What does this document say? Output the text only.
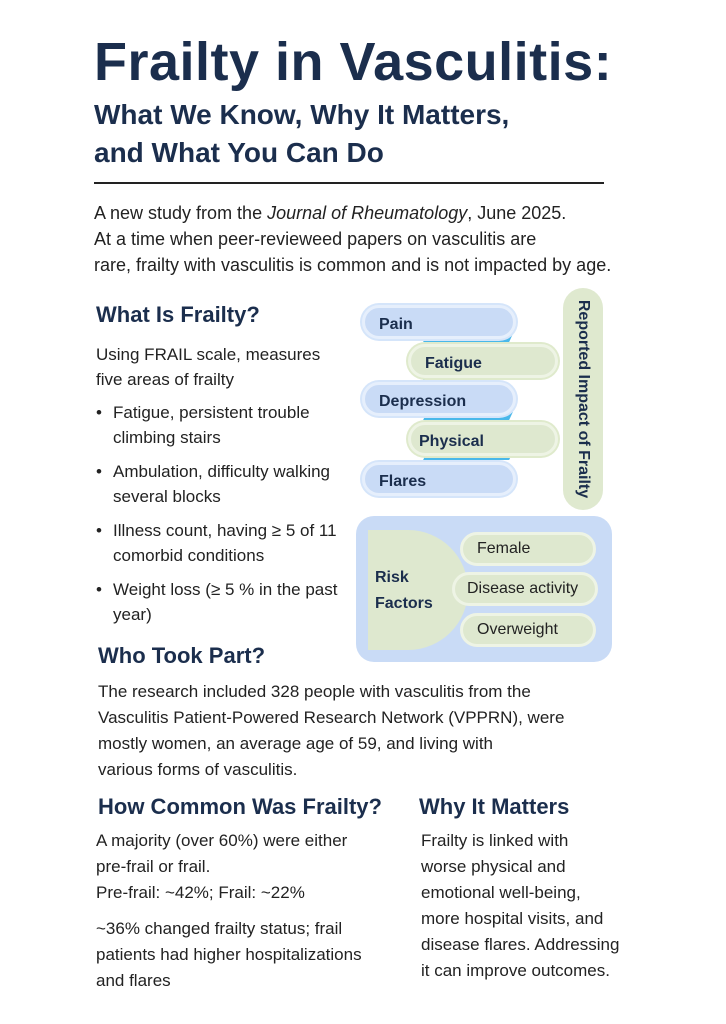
Frailty in Vasculitis:
What We Know, Why It Matters,
and What You Can Do
A new study from the Journal of Rheumatology, June 2025.
At a time when peer-revieweed papers on vasculitis are
rare, frailty with vasculitis is common and is not impacted by age.
What Is Frailty?
Using FRAIL scale, measures five areas of frailty
• Fatigue, persistent trouble climbing stairs
• Ambulation, difficulty walking several blocks
• Illness count, having ≥ 5 of 11 comorbid conditions
• Weight loss (≥ 5 % in the past year)
Pain
Fatigue
Depression
Physical
Flares	Reported Impact of Frailty
Risk
Factors
Female
Disease activity
Overweight
Who Took Part?
The research included 328 people with vasculitis from the
Vasculitis Patient-Powered Research Network (VPPRN), were
mostly women, an average age of 59, and living with
various forms of vasculitis.
How Common Was Frailty? Why It Matters
A majority (over 60%) were either
pre-frail or frail.
Pre-frail: ~42%; Frail: ~22%
~36% changed frailty status; frail
patients had higher hospitalizations
and flares
Frailty is linked with
worse physical and
emotional well-being,
more hospital visits, and
disease flares. Addressing
it can improve outcomes.
